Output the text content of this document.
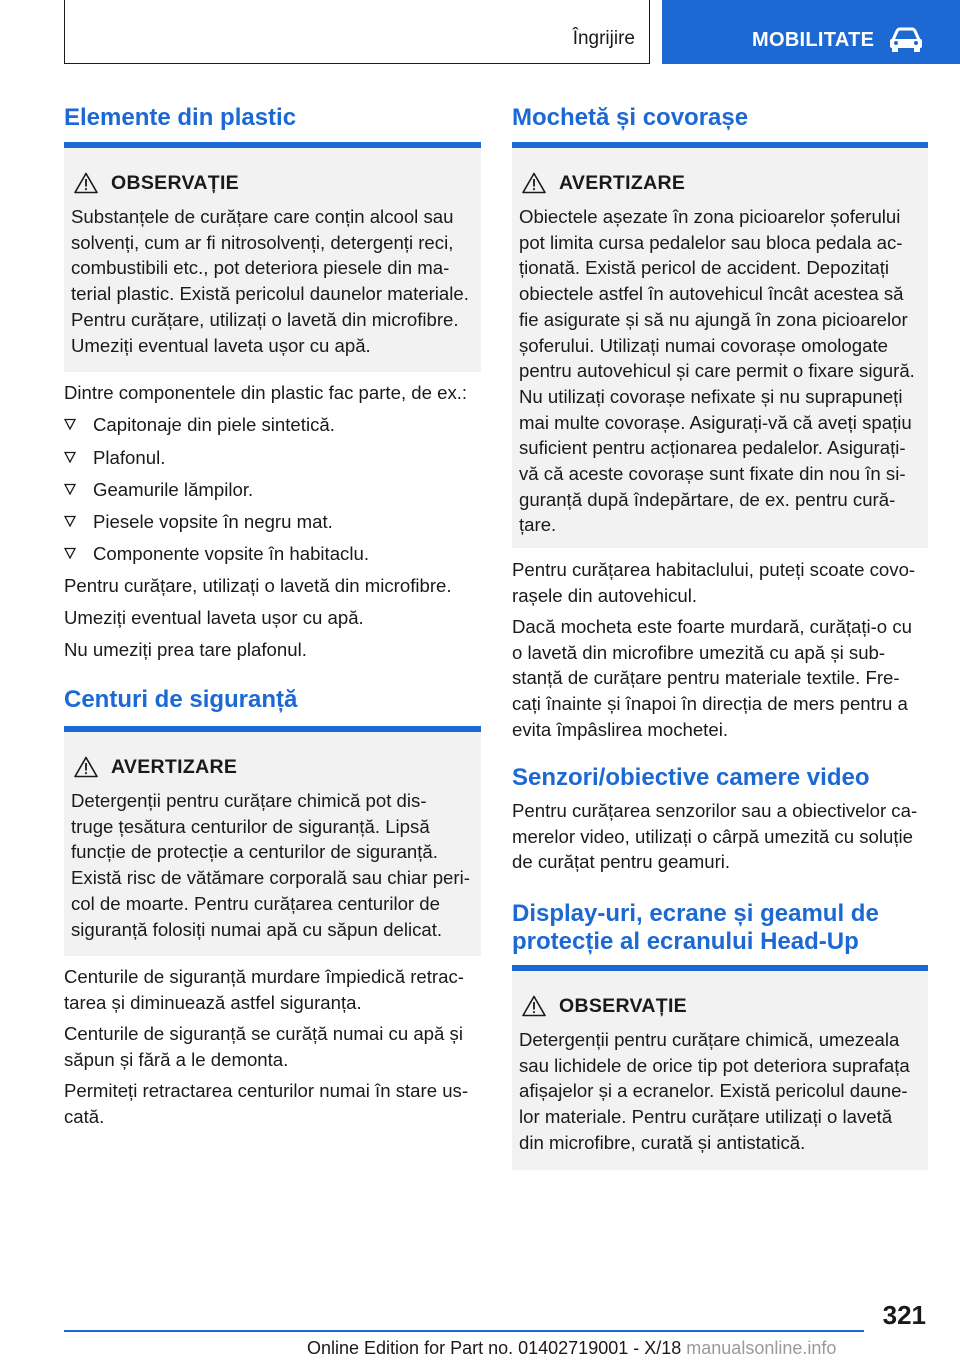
Îngrijire	MOBILITATE
Elemente din plastic
OBSERVAȚIE
Substanțele de curățare care conțin alcool sau
solvenți, cum ar fi nitrosolvenți, detergenți reci,
combustibili etc., pot deteriora piesele din ma-
terial plastic. Există pericolul daunelor materiale.
Pentru curățare, utilizați o lavetă din microfibre.
Umeziți eventual laveta ușor cu apă.
Dintre componentele din plastic fac parte, de ex.:
Capitonaje din piele sintetică.
Plafonul.
Geamurile lămpilor.
Piesele vopsite în negru mat.
Componente vopsite în habitaclu.
Pentru curățare, utilizați o lavetă din microfibre.
Umeziți eventual laveta ușor cu apă.
Nu umeziți prea tare plafonul.
Centuri de siguranță
AVERTIZARE
Detergenții pentru curățare chimică pot dis-
truge țesătura centurilor de siguranță. Lipsă
funcție de protecție a centurilor de siguranță.
Există risc de vătămare corporală sau chiar peri-
col de moarte. Pentru curățarea centurilor de
siguranță folosiți numai apă cu săpun delicat.
Centurile de siguranță murdare împiedică retrac-
tarea și diminuează astfel siguranța.
Centurile de siguranță se curăță numai cu apă și
săpun și fără a le demonta.
Permiteți retractarea centurilor numai în stare us-
cată.
Mochetă și covorașe
AVERTIZARE
Obiectele așezate în zona picioarelor șoferului
pot limita cursa pedalelor sau bloca pedala ac-
ționată. Există pericol de accident. Depozitați
obiectele astfel în autovehicul încât acestea să
fie asigurate și să nu ajungă în zona picioarelor
șoferului. Utilizați numai covorașe omologate
pentru autovehicul și care permit o fixare sigură.
Nu utilizați covorașe nefixate și nu suprapuneți
mai multe covorașe. Asigurați-vă că aveți spațiu
suficient pentru acționarea pedalelor. Asigurați-
vă că aceste covorașe sunt fixate din nou în si-
guranță după îndepărtare, de ex. pentru cură-
țare.
Pentru curățarea habitaclului, puteți scoate covo-
rașele din autovehicul.
Dacă mocheta este foarte murdară, curățați-o cu
o lavetă din microfibre umezită cu apă și sub-
stanță de curățare pentru materiale textile. Fre-
cați înainte și înapoi în direcția de mers pentru a
evita împâslirea mochetei.
Senzori/obiective camere video
Pentru curățarea senzorilor sau a obiectivelor ca-
merelor video, utilizați o cârpă umezită cu soluție
de curățat pentru geamuri.
Display-uri, ecrane și geamul de
protecție al ecranului Head-Up
OBSERVAȚIE
Detergenții pentru curățare chimică, umezeala
sau lichidele de orice tip pot deteriora suprafața
afișajelor și a ecranelor. Există pericolul daune-
lor materiale. Pentru curățare utilizați o lavetă
din microfibre, curată și antistatică.
321
Online Edition for Part no. 01402719001 - X/18 manualsonline.info
